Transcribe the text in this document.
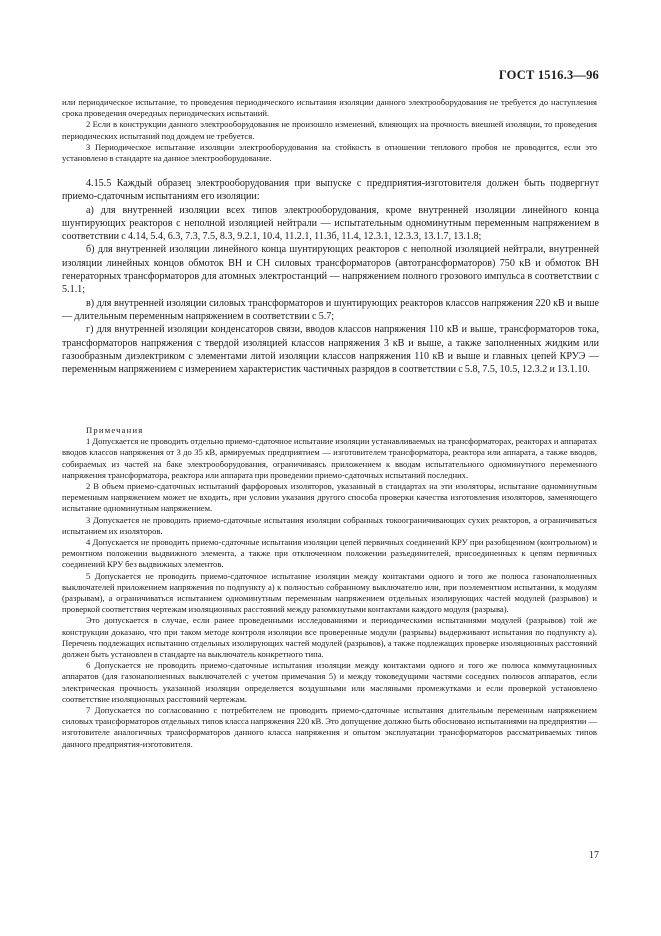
ГОСТ 1516.3—96

или периодическое испытание, то проведения периодического испытания изоляции данного электрооборудования не требуется до наступления срока проведения очередных периодических испытаний.

2 Если в конструкции данного электрооборудования не произошло изменений, влияющих на прочность внешней изоляции, то проведения периодических испытаний под дождем не требуется.

3 Периодическое испытание изоляции электрооборудования на стойкость в отношении теплового пробоя не проводится, если это установлено в стандарте на данное электрооборудование.

4.15.5 Каждый образец электрооборудования при выпуске с предприятия-изготовителя должен быть подвергнут приемо-сдаточным испытаниям его изоляции:

а) для внутренней изоляции всех типов электрооборудования, кроме внутренней изоляции линейного конца шунтирующих реакторов с неполной изоляцией нейтрали — испытательным одноминутным переменным напряжением в соответствии с 4.14, 5.4, 6.3, 7.3, 7.5, 8.3, 9.2.1, 10.4, 11.2.1, 11.3б, 11.4, 12.3.1, 12.3.3, 13.1.7, 13.1.8;

б) для внутренней изоляции линейного конца шунтирующих реакторов с неполной изоляцией нейтрали, внутренней изоляции линейных концов обмоток ВН и СН силовых трансформаторов (автотрансформаторов) 750 кВ и обмоток ВН генераторных трансформаторов для атомных электростанций — напряжением полного грозового импульса в соответствии с 5.1.1;

в) для внутренней изоляции силовых трансформаторов и шунтирующих реакторов классов напряжения 220 кВ и выше — длительным переменным напряжением в соответствии с 5.7;

г) для внутренней изоляции конденсаторов связи, вводов классов напряжения 110 кВ и выше, трансформаторов тока, трансформаторов напряжения с твердой изоляцией классов напряжения 3 кВ и выше, а также заполненных жидким или газообразным диэлектриком с элементами литой изоляции классов напряжения 110 кВ и выше и главных цепей КРУЭ — переменным напряжением с измерением характеристик частичных разрядов в соответствии с 5.8, 7.5, 10.5, 12.3.2 и 13.1.10.

Примечания

1 Допускается не проводить отдельно приемо-сдаточное испытание изоляции устанавливаемых на трансформаторах, реакторах и аппаратах вводов классов напряжения от 3 до 35 кВ, армируемых предприятием — изготовителем трансформатора, реактора или аппарата, а также вводов, собираемых из частей на баке электрооборудования, ограничиваясь приложением к вводам испытательного одноминутного переменного напряжения трансформатора, реактора или аппарата при проведении приемо-сдаточных испытаний последних.

2 В объем приемо-сдаточных испытаний фарфоровых изоляторов, указанный в стандартах на эти изоляторы, испытание одноминутным переменным напряжением может не входить, при условии указания другого способа проверки качества изготовления изоляторов, заменяющего испытание одноминутным напряжением.

3 Допускается не проводить приемо-сдаточные испытания изоляции собранных токоограничивающих сухих реакторов, а ограничиваться испытанием их изоляторов.

4 Допускается не проводить приемо-сдаточные испытания изоляции цепей первичных соединений КРУ при разобщенном (контрольном) и ремонтном положении выдвижного элемента, а также при отключенном положении разъединителей, присоединенных к цепям первичных соединений КРУ без выдвижных элементов.

5 Допускается не проводить приемо-сдаточное испытание изоляции между контактами одного и того же полюса газонаполненных выключателей приложением напряжения по подпункту а) к полностью собранному выключателю или, при поэлементном испытании, к модулям (разрывам), а ограничиваться испытанием одноминутным переменным напряжением отдельных изолирующих частей модулей (разрывов) и проверкой соответствия чертежам изоляционных расстояний между разомкнутыми контактами каждого модуля (разрыва).

Это допускается в случае, если ранее проведенными исследованиями и периодическими испытаниями модулей (разрывов) той же конструкции доказано, что при таком методе контроля изоляции все проверенные модули (разрывы) выдерживают испытания по подпункту а). Перечень подлежащих испытанию отдельных изолирующих частей модулей (разрывов), а также подлежащих проверке изоляционных расстояний должен быть установлен в стандарте на выключатель конкретного типа.

6 Допускается не проводить приемо-сдаточные испытания изоляции между контактами одного и того же полюса коммутационных аппаратов (для газонаполненных выключателей с учетом примечания 5) и между токоведущими частями соседних полюсов аппаратов, если электрическая прочность указанной изоляции определяется воздушными или масляными промежутками и если проверкой установлено соответствие изоляционных расстояний чертежам.

7 Допускается по согласованию с потребителем не проводить приемо-сдаточные испытания длительным переменным напряжением силовых трансформаторов отдельных типов класса напряжения 220 кВ. Это допущение должно быть обосновано испытаниями на предприятии — изготовителе аналогичных трансформаторов данного класса напряжения и опытом эксплуатации трансформаторов рассматриваемых типов данного предприятия-изготовителя.

17
